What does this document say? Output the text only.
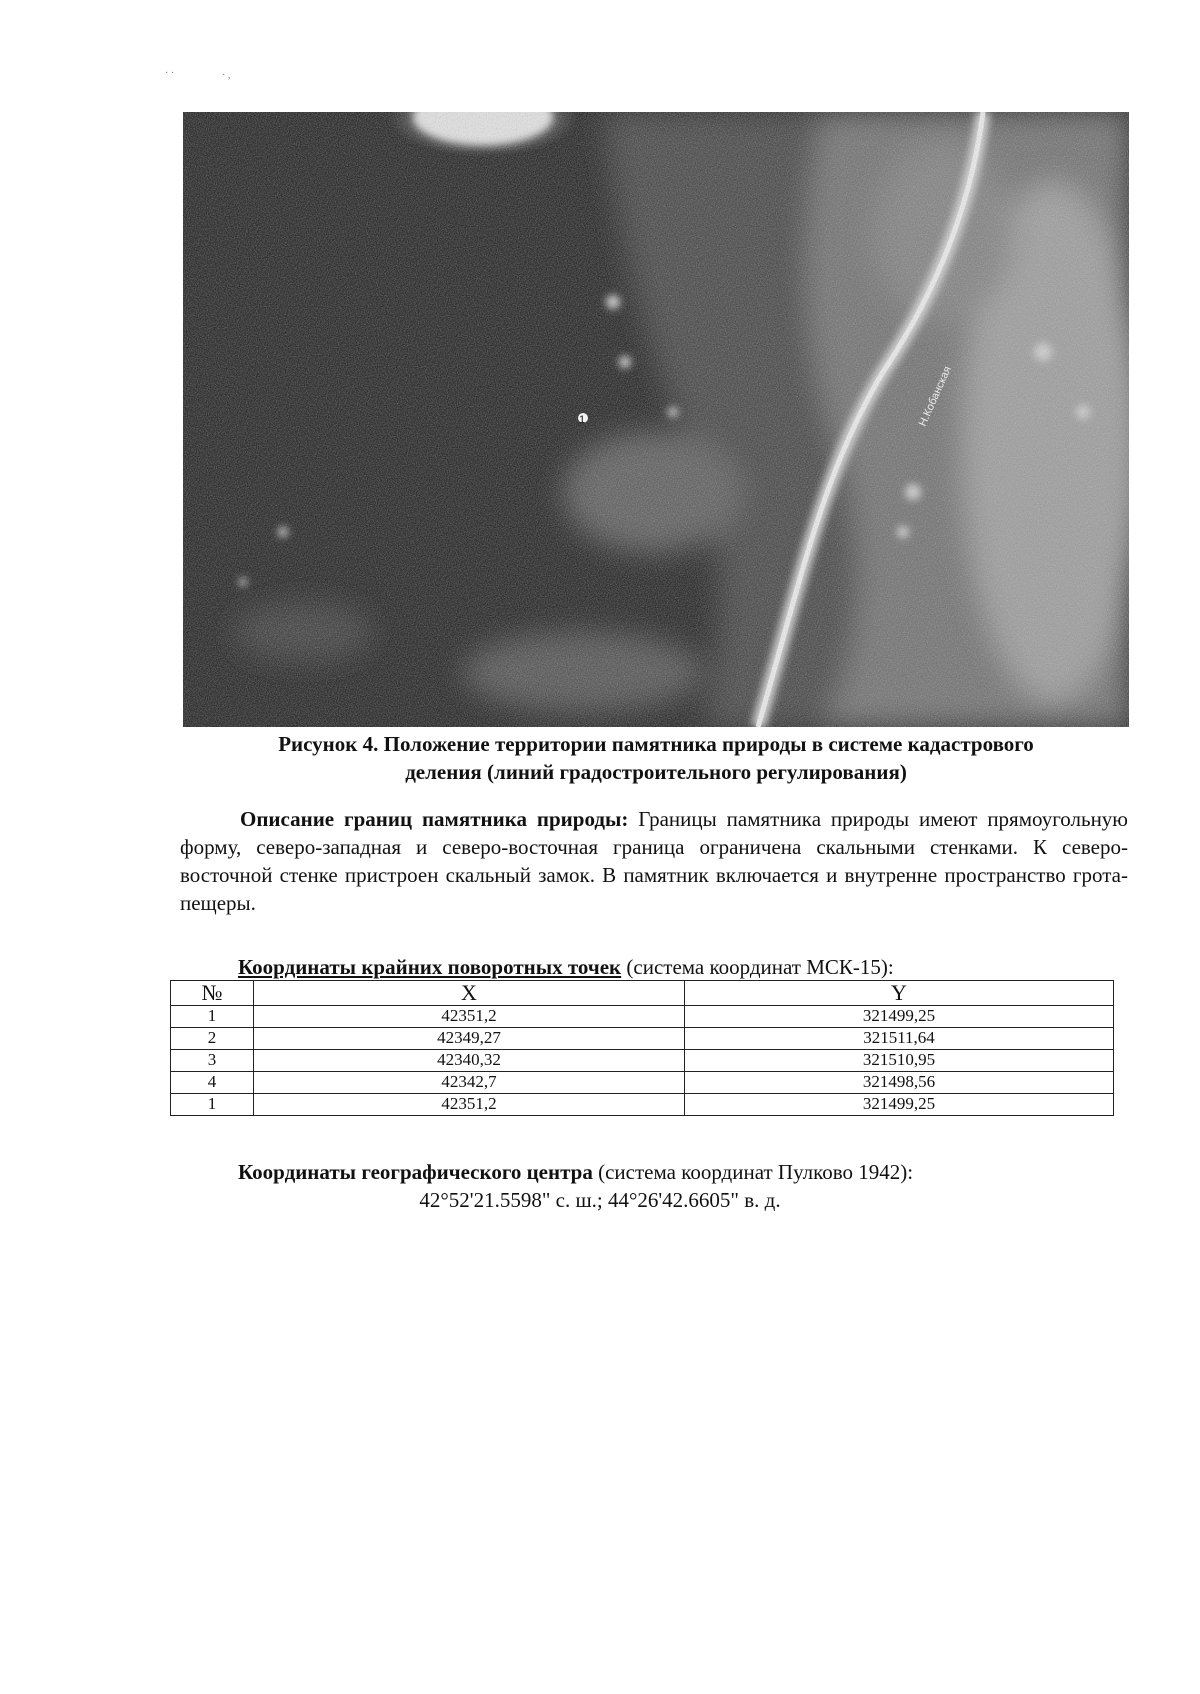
· ·	· ,
1	Н.Кобанская
Рисунок 4. Положение территории памятника природы в системе кадастрового
деления (линий градостроительного регулирования)
Описание границ памятника природы: Границы памятника природы имеют прямоугольную форму, северо-западная и северо-восточная граница ограничена скальными стенками. К северо-восточной стенке пристроен скальный замок. В памятник включается и внутренне пространство грота-пещеры.
Координаты крайних поворотных точек (система координат МСК-15):
№	X	Y
1	42351,2	321499,25
2	42349,27	321511,64
3	42340,32	321510,95
4	42342,7	321498,56
1	42351,2	321499,25
Координаты географического центра (система координат Пулково 1942):
42°52'21.5598" с. ш.; 44°26'42.6605" в. д.
